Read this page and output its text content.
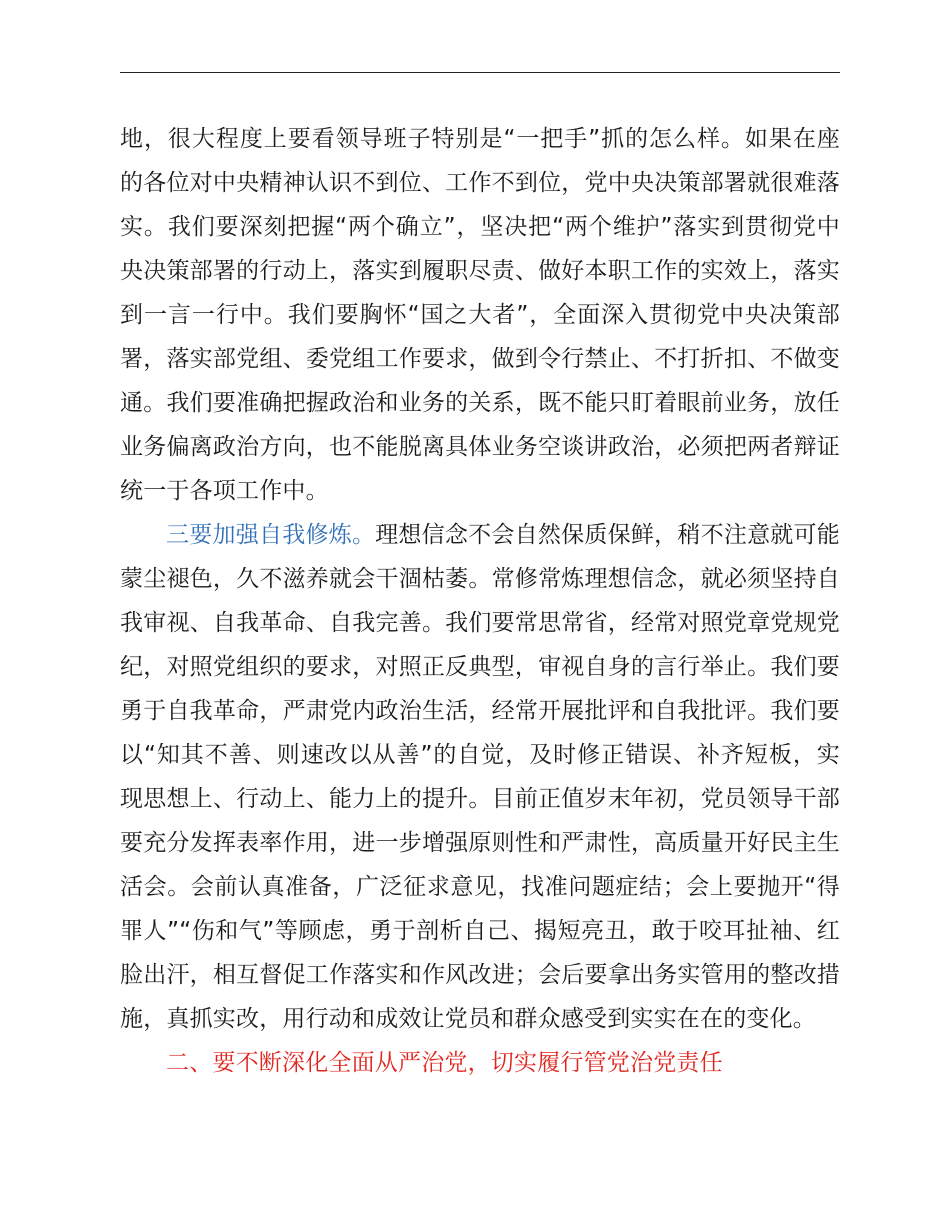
地，很大程度上要看领导班子特别是“一把手”抓的怎么样。如果在座的各位对中央精神认识不到位、工作不到位，党中央决策部署就很难落实。我们要深刻把握“两个确立”，坚决把“两个维护”落实到贯彻党中央决策部署的行动上，落实到履职尽责、做好本职工作的实效上，落实到一言一行中。我们要胸怀“国之大者”，全面深入贯彻党中央决策部署，落实部党组、委党组工作要求，做到令行禁止、不打折扣、不做变通。我们要准确把握政治和业务的关系，既不能只盯着眼前业务，放任业务偏离政治方向，也不能脱离具体业务空谈讲政治，必须把两者辩证统一于各项工作中。

三要加强自我修炼。理想信念不会自然保质保鲜，稍不注意就可能蒙尘褪色，久不滋养就会干涸枯萎。常修常炼理想信念，就必须坚持自我审视、自我革命、自我完善。我们要常思常省，经常对照党章党规党纪，对照党组织的要求，对照正反典型，审视自身的言行举止。我们要勇于自我革命，严肃党内政治生活，经常开展批评和自我批评。我们要以“知其不善、则速改以从善”的自觉，及时修正错误、补齐短板，实现思想上、行动上、能力上的提升。目前正值岁末年初，党员领导干部要充分发挥表率作用，进一步增强原则性和严肃性，高质量开好民主生活会。会前认真准备，广泛征求意见，找准问题症结；会上要抛开“得罪人”“伤和气”等顾虑，勇于剖析自己、揭短亮丑，敢于咬耳扯袖、红脸出汗，相互督促工作落实和作风改进；会后要拿出务实管用的整改措施，真抓实改，用行动和成效让党员和群众感受到实实在在的变化。

二、要不断深化全面从严治党，切实履行管党治党责任
